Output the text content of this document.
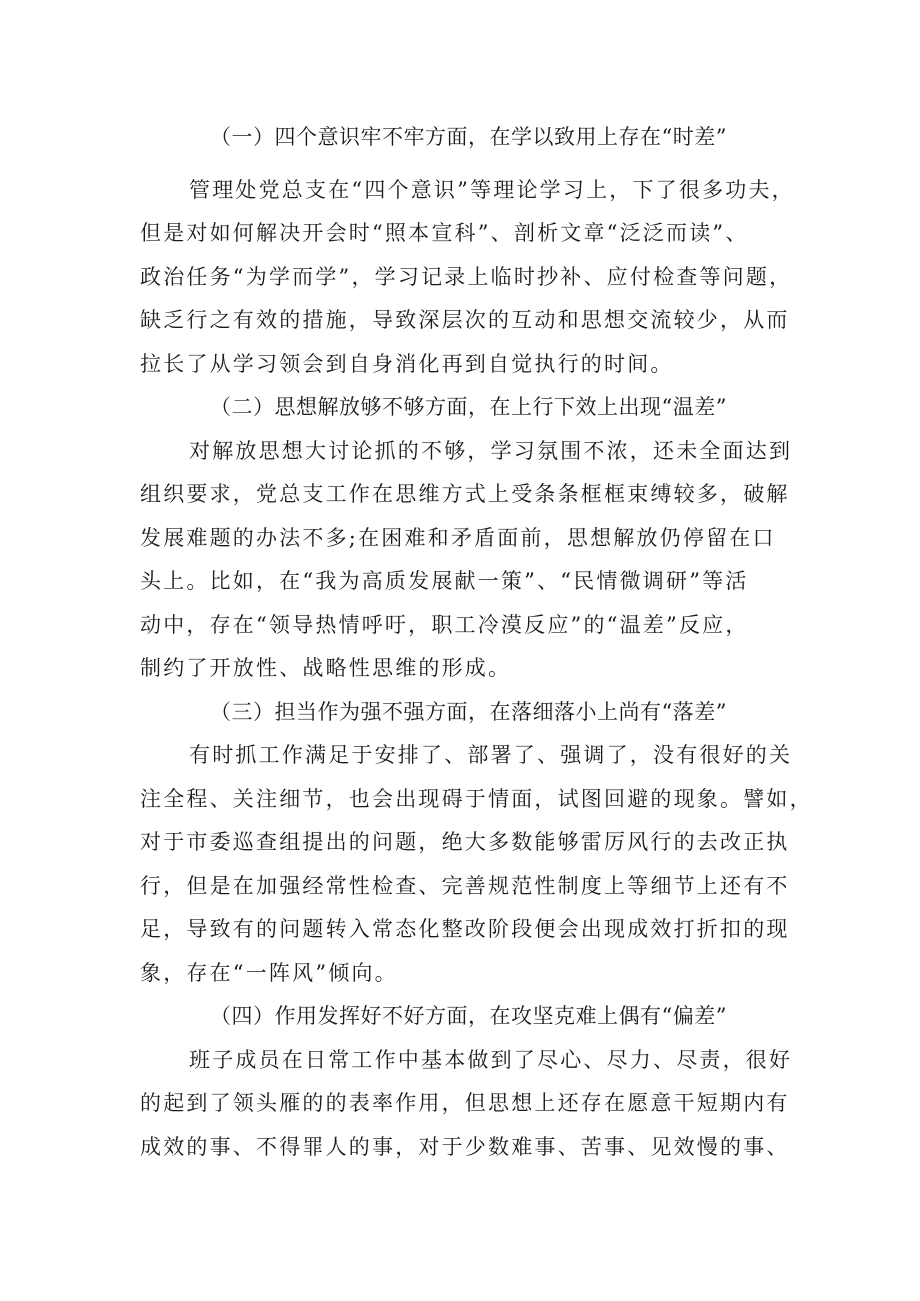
（一）四个意识牢不牢方面，在学以致用上存在“时差”
管理处党总支在“四个意识”等理论学习上，下了很多功夫，
但是对如何解决开会时“照本宣科”、剖析文章“泛泛而读”、
政治任务“为学而学”，学习记录上临时抄补、应付检查等问题，
缺乏行之有效的措施，导致深层次的互动和思想交流较少，从而
拉长了从学习领会到自身消化再到自觉执行的时间。
（二）思想解放够不够方面，在上行下效上出现“温差”
对解放思想大讨论抓的不够，学习氛围不浓，还未全面达到
组织要求，党总支工作在思维方式上受条条框框束缚较多，破解
发展难题的办法不多;在困难和矛盾面前，思想解放仍停留在口
头上。比如，在“我为高质发展献一策”、“民情微调研”等活
动中，存在“领导热情呼吁，职工冷漠反应”的“温差”反应，
制约了开放性、战略性思维的形成。
（三）担当作为强不强方面，在落细落小上尚有“落差”
有时抓工作满足于安排了、部署了、强调了，没有很好的关
注全程、关注细节，也会出现碍于情面，试图回避的现象。譬如，
对于市委巡查组提出的问题，绝大多数能够雷厉风行的去改正执
行，但是在加强经常性检查、完善规范性制度上等细节上还有不
足，导致有的问题转入常态化整改阶段便会出现成效打折扣的现
象，存在“一阵风”倾向。
（四）作用发挥好不好方面，在攻坚克难上偶有“偏差”
班子成员在日常工作中基本做到了尽心、尽力、尽责，很好
的起到了领头雁的的表率作用，但思想上还存在愿意干短期内有
成效的事、不得罪人的事，对于少数难事、苦事、见效慢的事、
